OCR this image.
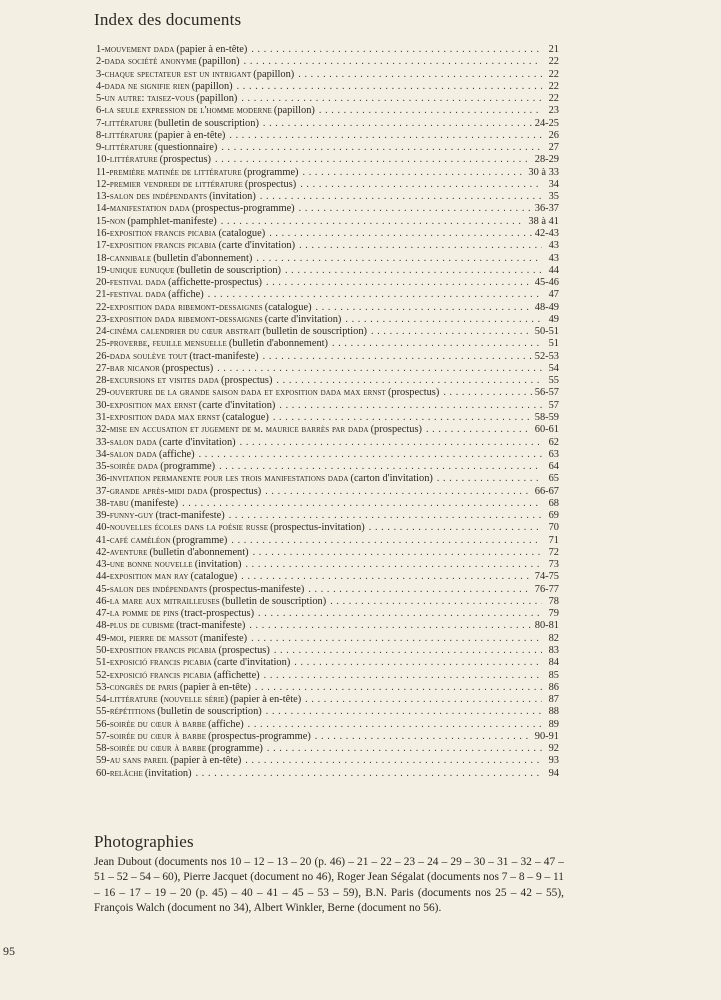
Index des documents
1 - mouvement dada (papier à en-tête) . . .	21
2 - dada société anonyme (papillon) . . .	22
3 - chaque spectateur est un intrigant (papillon) . . .	22
4 - dada ne signifie rien (papillon) . . .	22
5 - un autre: taisez-vous (papillon) . . .	22
6 - la seule expression de l'homme moderne (papillon) . . .	23
7 - littérature (bulletin de souscription) . . .	24-25
8 - littérature (papier à en-tête) . . .	26
9 - littérature (questionnaire) . . .	27
10 - littérature (prospectus) . . .	28-29
11 - première matinée de littérature (programme) . . .	30 à 33
12 - premier vendredi de littérature (prospectus) . . .	34
13 - salon des indépendants (invitation) . . .	35
14 - manifestation dada (prospectus-programme) . . .	36-37
15 - non (pamphlet-manifeste) . . .	38 à 41
16 - exposition francis picabia (catalogue) . . .	42-43
17 - exposition francis picabia (carte d'invitation) . . .	43
18 - cannibale (bulletin d'abonnement) . . .	43
19 - unique eunuque (bulletin de souscription) . . .	44
20 - festival dada (affichette-prospectus) . . .	45-46
21 - festival dada (affiche) . . .	47
22 - exposition dada ribemont-dessaignes (catalogue) . . .	48-49
23 - exposition dada ribemont-dessaignes (carte d'invitation) . . .	49
24 - cinéma calendrier du cœur abstrait (bulletin de souscription) . . .	50-51
25 - proverbe, feuille mensuelle (bulletin d'abonnement) . . .	51
26 - dada soulève tout (tract-manifeste) . . .	52-53
27 - bar nicanor (prospectus) . . .	54
28 - excursions et visites dada (prospectus) . . .	55
29 - ouverture de la grande saison dada et exposition dada max ernst (prospectus) . . .	56-57
30 - exposition max ernst (carte d'invitation) . . .	57
31 - exposition dada max ernst (catalogue) . . .	58-59
32 - mise en accusation et jugement de m. maurice barrès par dada (prospectus) . . .	60-61
33 - salon dada (carte d'invitation) . . .	62
34 - salon dada (affiche) . . .	63
35 - soirée dada (programme) . . .	64
36 - invitation permanente pour les trois manifestations dada (carton d'invitation) . . .	65
37 - grande après-midi dada (prospectus) . . .	66-67
38 - tabu (manifeste) . . .	68
39 - funny-guy (tract-manifeste) . . .	69
40 - nouvelles écoles dans la poésie russe (prospectus-invitation) . . .	70
41 - café caméléon (programme) . . .	71
42 - aventure (bulletin d'abonnement) . . .	72
43 - une bonne nouvelle (invitation) . . .	73
44 - exposition man ray (catalogue) . . .	74-75
45 - salon des indépendants (prospectus-manifeste) . . .	76-77
46 - la mare aux mitrailleuses (bulletin de souscription) . . .	78
47 - la pomme de pins (tract-prospectus) . . .	79
48 - plus de cubisme (tract-manifeste) . . .	80-81
49 - moi, pierre de massot (manifeste) . . .	82
50 - exposition francis picabia (prospectus) . . .	83
51 - exposició francis picabia (carte d'invitation) . . .	84
52 - exposició francis picabia (affichette) . . .	85
53 - congrès de paris (papier à en-tête) . . .	86
54 - littérature (nouvelle série) (papier à en-tête) . . .	87
55 - répétitions (bulletin de souscription) . . .	88
56 - soirée du cœur à barbe (affiche) . . .	89
57 - soirée du cœur à barbe (prospectus-programme) . . .	90-91
58 - soirée du cœur à barbe (programme) . . .	92
59 - au sans pareil (papier à en-tête) . . .	93
60 - relâche (invitation) . . .	94
Photographies

Jean Dubout (documents nos 10 – 12 – 13 – 20 (p. 46) – 21 – 22 – 23 – 24 – 29 – 30 – 31 – 32 – 47 – 51 – 52 – 54 – 60), Pierre Jacquet (document no 46), Roger Jean Ségalat (documents nos 7 – 8 – 9 – 11 – 16 – 17 – 19 – 20 (p. 45) – 40 – 41 – 45 – 53 – 59), B.N. Paris (documents nos 25 – 42 – 55), François Walch (document no 34), Albert Winkler, Berne (document no 56).

95
